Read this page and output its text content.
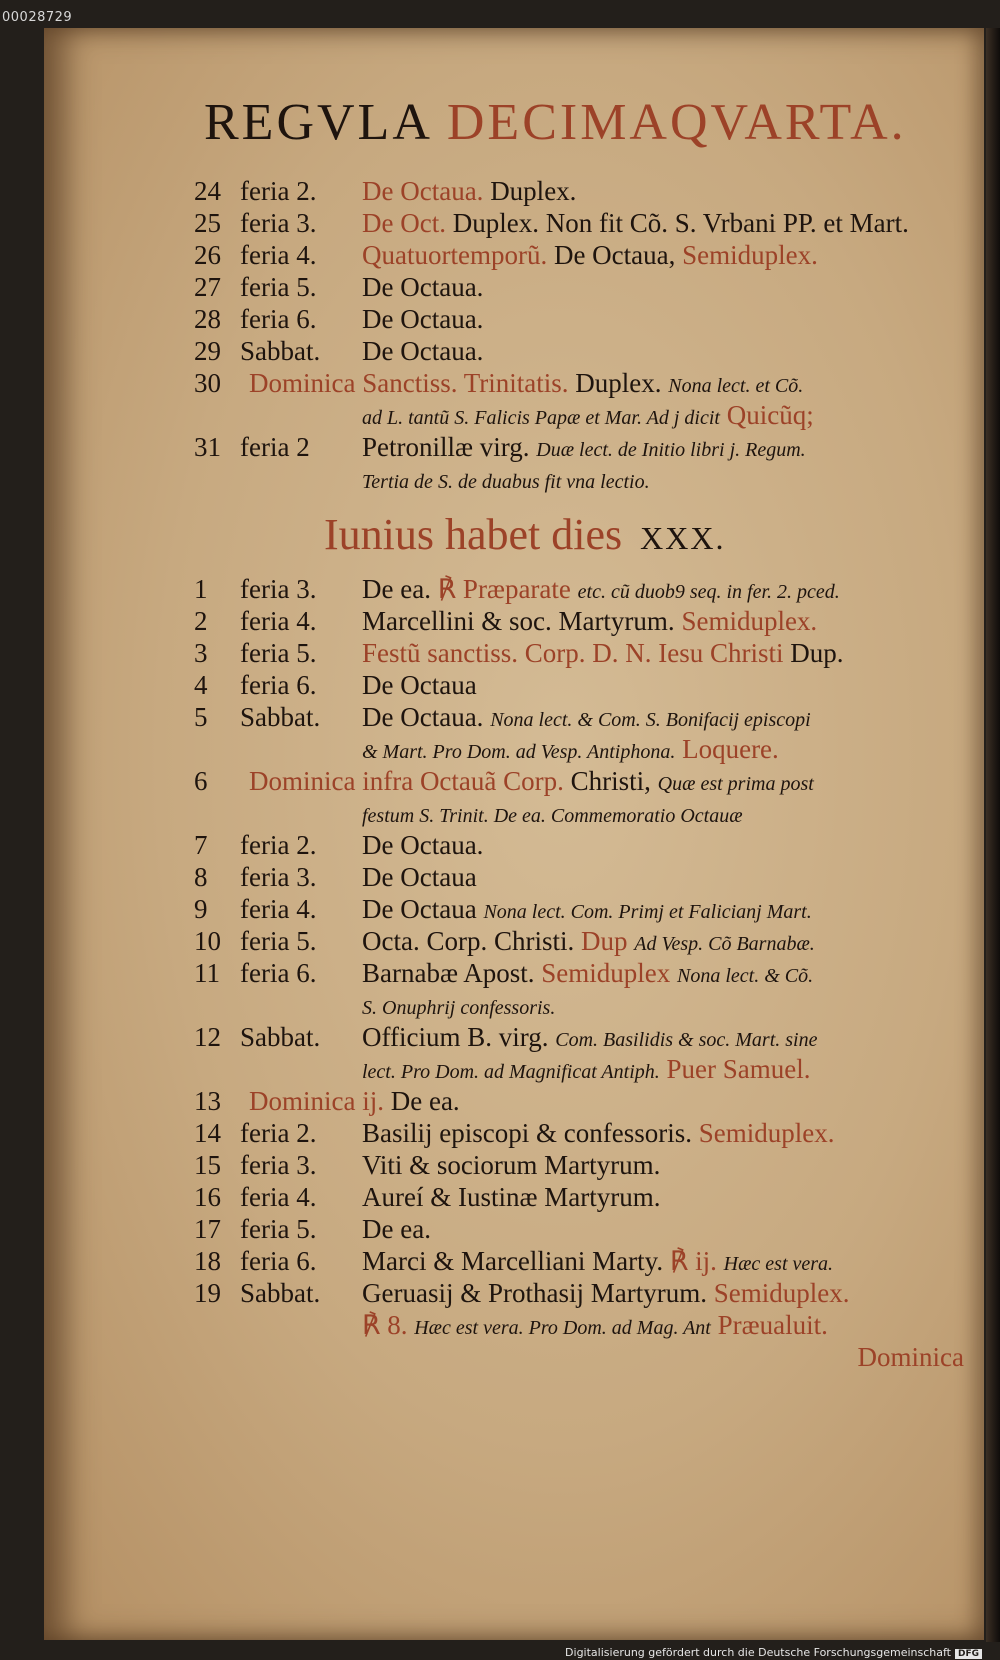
00028729
REGVLA DECIMAQVARTA.
24 feria 2.	De Octaua. Duplex.
25 feria 3.	De Oct. Duplex. Non fit Cõ. S. Vrbani PP. et Mart.
26 feria 4.	Quatuortemporũ. De Octaua, Semiduplex.
27 feria 5.	De Octaua.
28 feria 6.	De Octaua.
29 Sabbat.	De Octaua.
30	Dominica Sanctiss. Trinitatis. Duplex. Nona lect. et Cõ.
ad L. tantũ S. Falicis Papæ et Mar. Ad j dicit Quicũq;
31 feria 2	Petronillæ virg. Duæ lect. de Initio libri j. Regum.
Tertia de S. de duabus fit vna lectio.
Iunius habet dies XXX.
1	feria 3.	De ea. ℟ Præparate etc. cũ duob9 seq. in fer. 2. pced.
2	feria 4.	Marcellini & soc. Martyrum. Semiduplex.
3	feria 5.	Festũ sanctiss. Corp. D. N. Iesu Christi Dup.
4	feria 6.	De Octaua
5	Sabbat.	De Octaua. Nona lect. & Com. S. Bonifacij episcopi
& Mart. Pro Dom. ad Vesp. Antiphona. Loquere.
6	Dominica infra Octauã Corp. Christi, Quæ est prima post
festum S. Trinit. De ea. Commemoratio Octauæ
7	feria 2.	De Octaua.
8	feria 3.	De Octaua
9	feria 4.	De Octaua Nona lect. Com. Primj et Falicianj Mart.
10 feria 5.	Octa. Corp. Christi. Dup Ad Vesp. Cõ Barnabæ.
11 feria 6.	Barnabæ Apost. Semiduplex Nona lect. & Cõ.
S. Onuphrij confessoris.
12 Sabbat.	Officium B. virg. Com. Basilidis & soc. Mart. sine
lect. Pro Dom. ad Magnificat Antiph. Puer Samuel.
13	Dominica ij. De ea.
14 feria 2.	Basilij episcopi & confessoris. Semiduplex.
15 feria 3.	Viti & sociorum Martyrum.
16 feria 4.	Aureí & Iustinæ Martyrum.
17 feria 5.	De ea.
18 feria 6.	Marci & Marcelliani Marty. ℟ ij. Hæc est vera.
19 Sabbat.	Geruasij & Prothasij Martyrum. Semiduplex.
℟ 8. Hæc est vera. Pro Dom. ad Mag. Ant Præualuit.
Dominica
Digitalisierung gefördert durch die Deutsche Forschungsgemeinschaft DFG
